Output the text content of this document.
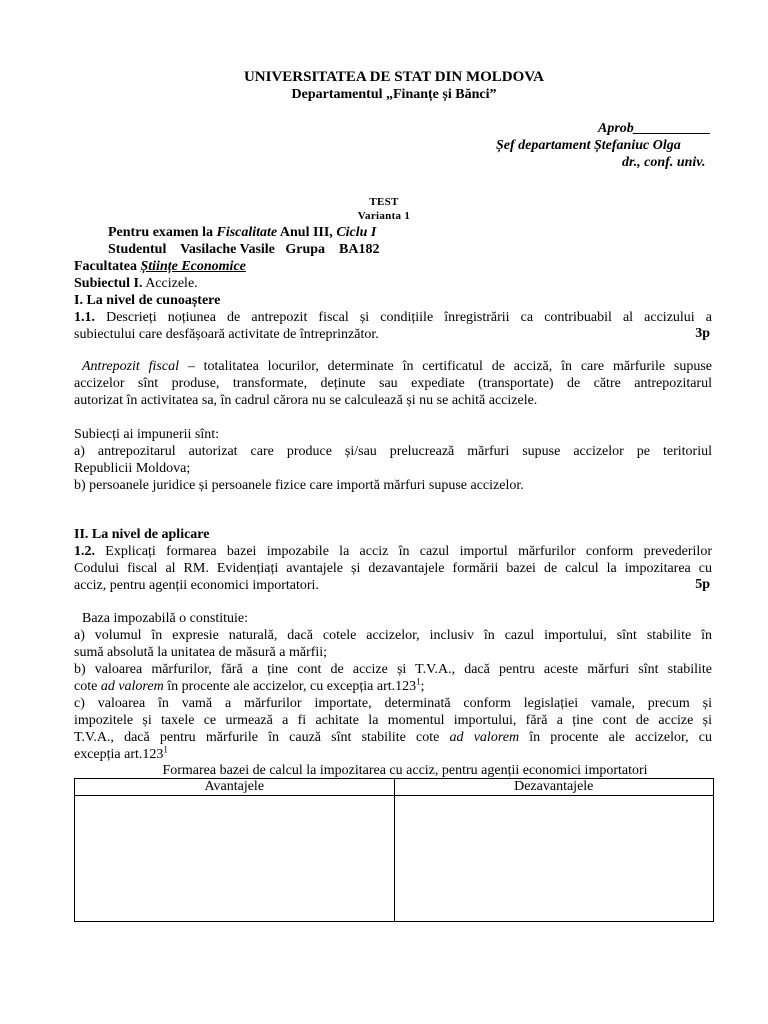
UNIVERSITATEA DE STAT DIN MOLDOVA
Departamentul „Finanțe și Bănci”
Aprob___________
Șef departament Ștefaniuc Olga
dr., conf. univ.
TEST
Varianta 1
Pentru examen la Fiscalitate Anul III, Ciclu I
Studentul    Vasilache Vasile   Grupa    BA182
Facultatea Științe Economice
Subiectul I. Accizele.
I. La nivel de cunoaștere
1.1. Descrieți noțiunea de antrepozit fiscal și condițiile înregistrării ca contribuabil al accizului a
subiectului care desfășoară activitate de întreprinzător.	3p
Antrepozit fiscal – totalitatea locurilor, determinate în certificatul de acciză, în care mărfurile supuse
accizelor sînt produse, transformate, deținute sau expediate (transportate) de către antrepozitarul
autorizat în activitatea sa, în cadrul cărora nu se calculează și nu se achită accizele.
Subiecți ai impunerii sînt:
a) antrepozitarul autorizat care produce și/sau prelucrează mărfuri supuse accizelor pe teritoriul
Republicii Moldova;
b) persoanele juridice și persoanele fizice care importă mărfuri supuse accizelor.
II. La nivel de aplicare
1.2. Explicați formarea bazei impozabile la acciz în cazul importul mărfurilor conform prevederilor
Codului fiscal al RM. Evidențiați avantajele și dezavantajele formării bazei de calcul la impozitarea cu
acciz, pentru agenții economici importatori.	5p
Baza impozabilă o constituie:
a) volumul în expresie naturală, dacă cotele accizelor, inclusiv în cazul importului, sînt stabilite în
sumă absolută la unitatea de măsură a mărfii;
b) valoarea mărfurilor, fără a ține cont de accize și T.V.A., dacă pentru aceste mărfuri sînt stabilite
cote ad valorem în procente ale accizelor, cu excepția art.123$^1$;
c) valoarea în vamă a mărfurilor importate, determinată conform legislației vamale, precum și
impozitele și taxele ce urmează a fi achitate la momentul importului, fără a ține cont de accize și
T.V.A., dacă pentru mărfurile în cauză sînt stabilite cote ad valorem în procente ale accizelor, cu
excepția art.123$^1$
Formarea bazei de calcul la impozitarea cu acciz, pentru agenții economici importatori
Avantajele	Dezavantajele
